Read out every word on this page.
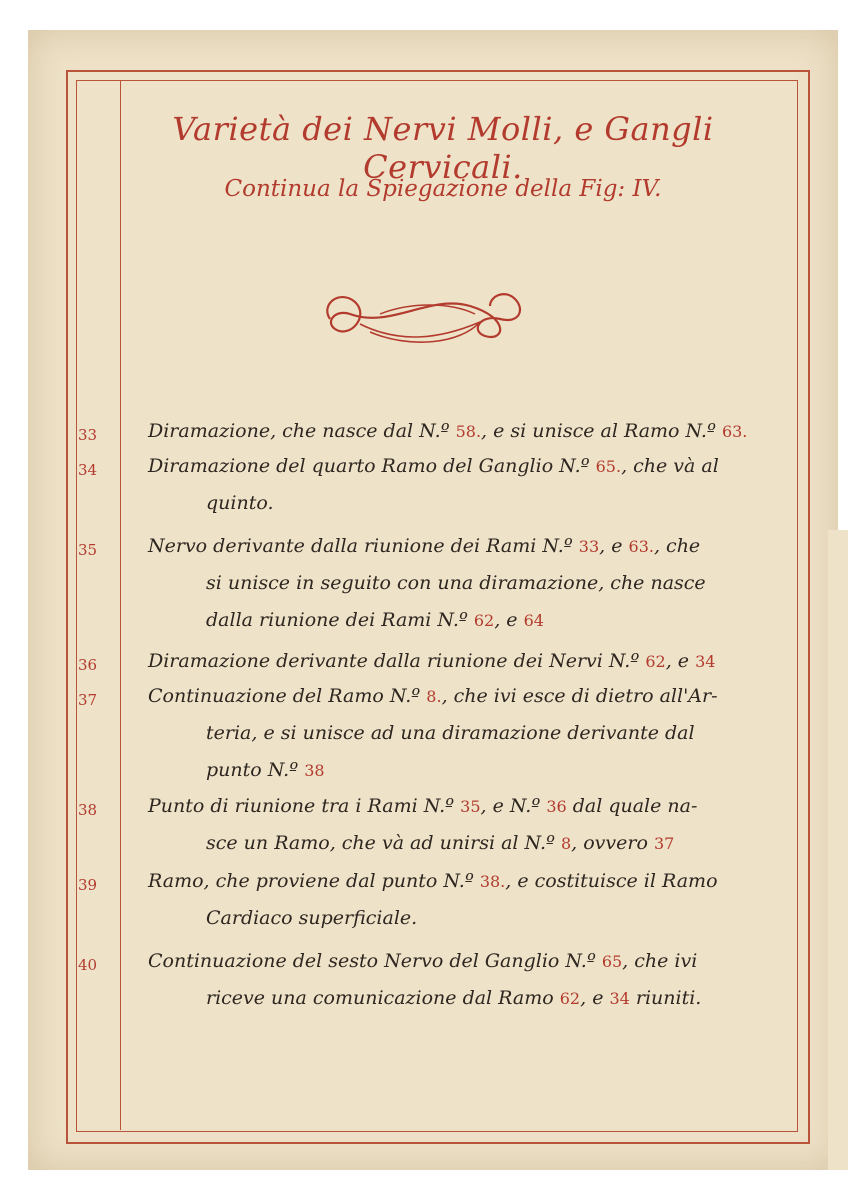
Varietà dei Nervi Molli, e Gangli Cervicali.
Continua la Spiegazione della Fig: IV.
33	Diramazione, che nasce dal N.º 58., e si unisce al Ramo N.º 63.
34	Diramazione del quarto Ramo del Ganglio N.º 65., che và al
quinto.
35	Nervo derivante dalla riunione dei Rami N.º 33, e 63., che
si unisce in seguito con una diramazione, che nasce
dalla riunione dei Rami N.º 62, e 64
36	Diramazione derivante dalla riunione dei Nervi N.º 62, e 34
37	Continuazione del Ramo N.º 8., che ivi esce di dietro all'Ar-
teria, e si unisce ad una diramazione derivante dal
punto N.º 38
38	Punto di riunione tra i Rami N.º 35, e N.º 36 dal quale na-
sce un Ramo, che và ad unirsi al N.º 8, ovvero 37
39	Ramo, che proviene dal punto N.º 38., e costituisce il Ramo
Cardiaco superficiale.
40	Continuazione del sesto Nervo del Ganglio N.º 65, che ivi
riceve una comunicazione dal Ramo 62, e 34 riuniti.
